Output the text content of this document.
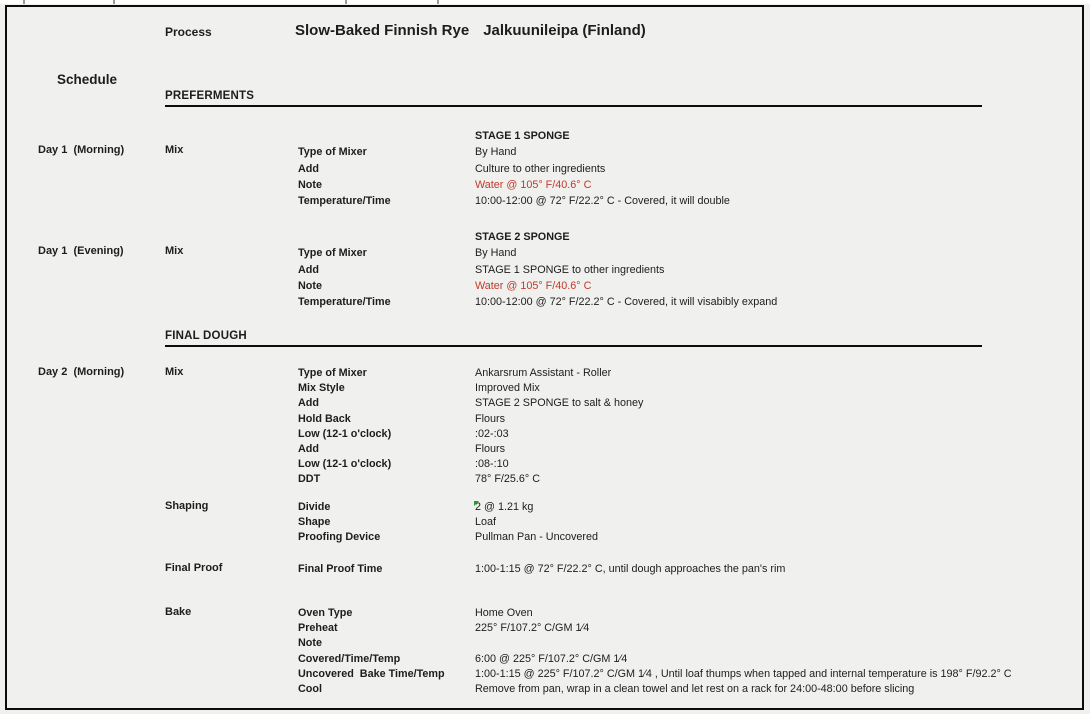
Process	Slow-Baked Finnish Rye Jalkuunileipa (Finland)
Schedule
PREFERMENTS
Day 1  (Morning)	Mix
STAGE 1 SPONGE
Type of Mixer	By Hand
Add	Culture to other ingredients
Note	Water @ 105° F/40.6° C
Temperature/Time	10:00-12:00 @ 72° F/22.2° C - Covered, it will double
Day 1  (Evening)	Mix
STAGE 2 SPONGE
Type of Mixer	By Hand
Add	STAGE 1 SPONGE to other ingredients
Note	Water @ 105° F/40.6° C
Temperature/Time	10:00-12:00 @ 72° F/22.2° C - Covered, it will visabibly expand
FINAL DOUGH
Day 2  (Morning)	Mix	Type of Mixer	Ankarsrum Assistant - Roller
Mix Style	Improved Mix
Add	STAGE 2 SPONGE to salt & honey
Hold Back	Flours
Low (12-1 o'clock)	:02-:03
Add	Flours
Low (12-1 o'clock)	:08-:10
DDT	78° F/25.6° C
Shaping	Divide	2 @ 1.21 kg
Shape	Loaf
Proofing Device	Pullman Pan - Uncovered
Final Proof	Final Proof Time	1:00-1:15 @ 72° F/22.2° C, until dough approaches the pan's rim
Bake	Oven Type	Home Oven
Preheat	225° F/107.2° C/GM 1⁄4
Note
Covered/Time/Temp	6:00 @ 225° F/107.2° C/GM 1⁄4
Uncovered  Bake Time/Temp	1:00-1:15 @ 225° F/107.2° C/GM 1⁄4 , Until loaf thumps when tapped and internal temperature is 198° F/92.2° C
Cool	Remove from pan, wrap in a clean towel and let rest on a rack for 24:00-48:00 before slicing
